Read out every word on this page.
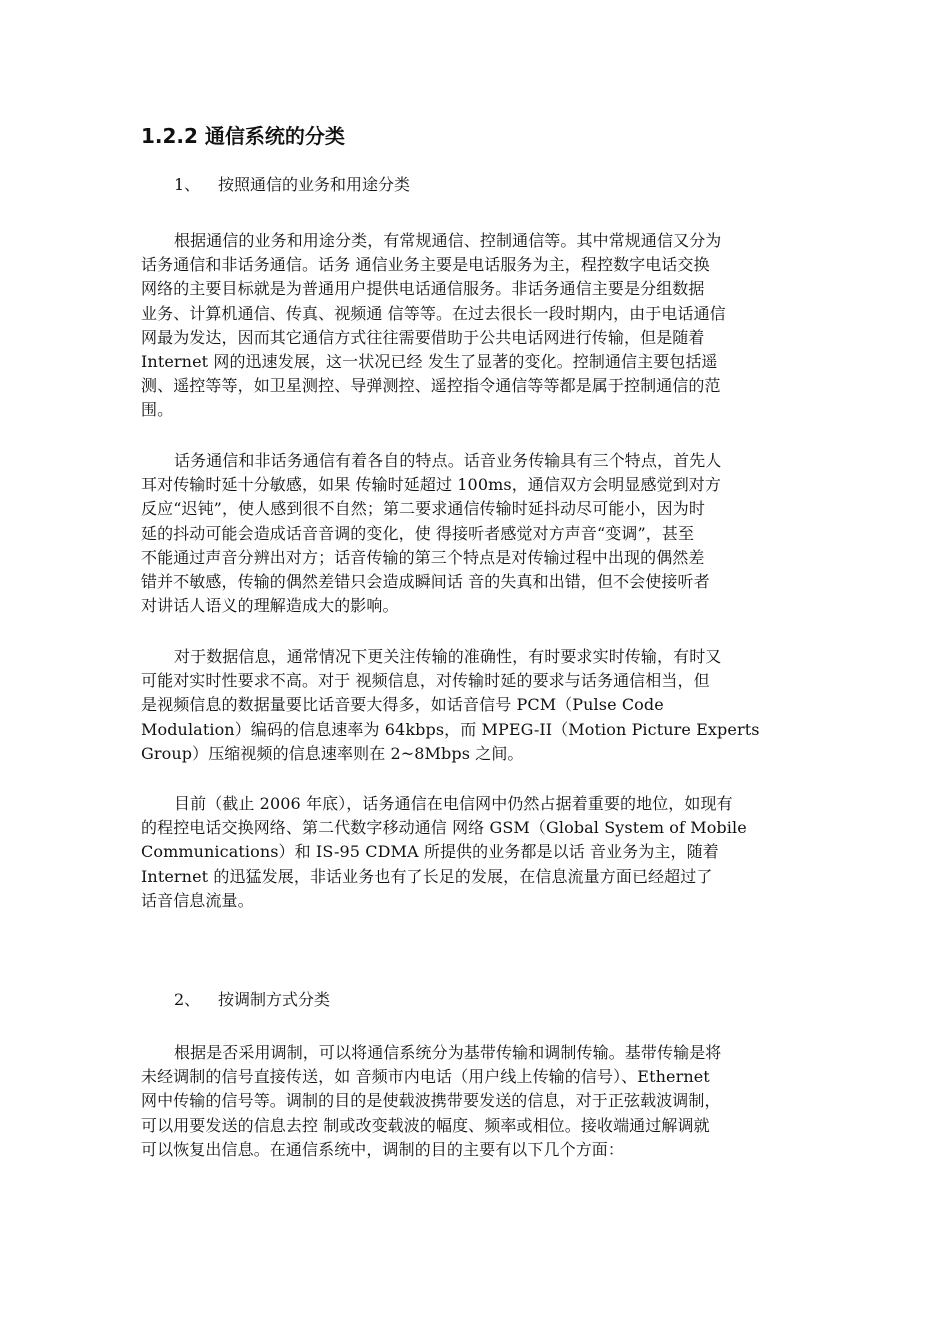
1.2.2 通信系统的分类
1、 按照通信的业务和用途分类
根据通信的业务和用途分类，有常规通信、控制通信等。其中常规通信又分为
话务通信和非话务通信。话务 通信业务主要是电话服务为主，程控数字电话交换
网络的主要目标就是为普通用户提供电话通信服务。非话务通信主要是分组数据
业务、计算机通信、传真、视频通 信等等。在过去很长一段时期内，由于电话通信
网最为发达，因而其它通信方式往往需要借助于公共电话网进行传输，但是随着
Internet 网的迅速发展，这一状况已经 发生了显著的变化。控制通信主要包括遥
测、遥控等等，如卫星测控、导弹测控、遥控指令通信等等都是属于控制通信的范
围。
话务通信和非话务通信有着各自的特点。话音业务传输具有三个特点，首先人
耳对传输时延十分敏感，如果 传输时延超过 100ms，通信双方会明显感觉到对方
反应“迟钝”，使人感到很不自然；第二要求通信传输时延抖动尽可能小，因为时
延的抖动可能会造成话音音调的变化，使 得接听者感觉对方声音“变调”，甚至
不能通过声音分辨出对方；话音传输的第三个特点是对传输过程中出现的偶然差
错并不敏感，传输的偶然差错只会造成瞬间话 音的失真和出错，但不会使接听者
对讲话人语义的理解造成大的影响。
对于数据信息，通常情况下更关注传输的准确性，有时要求实时传输，有时又
可能对实时性要求不高。对于 视频信息，对传输时延的要求与话务通信相当，但
是视频信息的数据量要比话音要大得多，如话音信号 PCM（Pulse Code
Modulation）编码的信息速率为 64kbps，而 MPEG-II（Motion Picture Experts
Group）压缩视频的信息速率则在 2~8Mbps 之间。
目前（截止 2006 年底），话务通信在电信网中仍然占据着重要的地位，如现有
的程控电话交换网络、第二代数字移动通信 网络 GSM（Global System of Mobile
Communications）和 IS-95 CDMA 所提供的业务都是以话 音业务为主，随着
Internet 的迅猛发展，非话业务也有了长足的发展，在信息流量方面已经超过了
话音信息流量。
2、 按调制方式分类
根据是否采用调制，可以将通信系统分为基带传输和调制传输。基带传输是将
未经调制的信号直接传送，如 音频市内电话（用户线上传输的信号）、Ethernet
网中传输的信号等。调制的目的是使载波携带要发送的信息，对于正弦载波调制，
可以用要发送的信息去控 制或改变载波的幅度、频率或相位。接收端通过解调就
可以恢复出信息。在通信系统中，调制的目的主要有以下几个方面：
